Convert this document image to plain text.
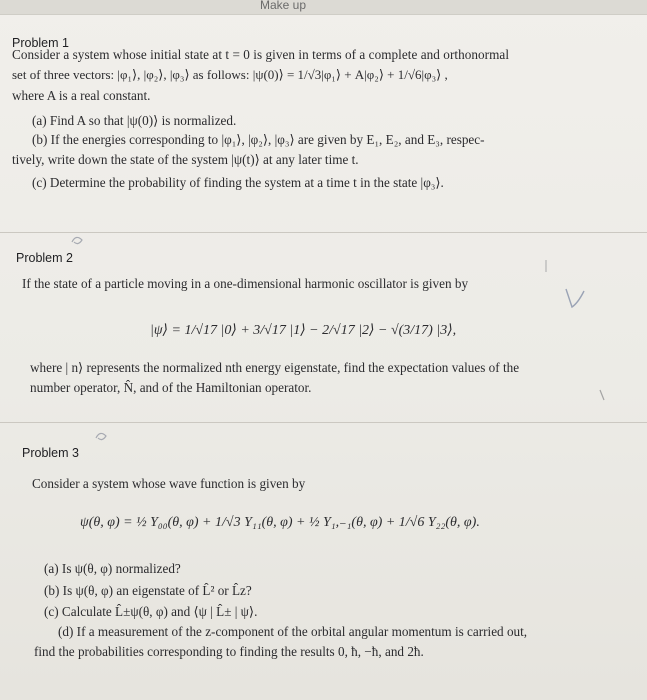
Make up
Problem 1
Consider a system whose initial state at t = 0 is given in terms of a complete and orthonormal
set of three vectors: |φ₁⟩, |φ₂⟩, |φ₃⟩ as follows: |ψ(0)⟩ = 1/√3|φ₁⟩ + A|φ₂⟩ + 1/√6|φ₃⟩ ,
where A is a real constant.
(a) Find A so that |ψ(0)⟩ is normalized.
(b) If the energies corresponding to |φ₁⟩, |φ₂⟩, |φ₃⟩ are given by E₁, E₂, and E₃, respec-
tively, write down the state of the system |ψ(t)⟩ at any later time t.
(c) Determine the probability of finding the system at a time t in the state |φ₃⟩.
Problem 2
If the state of a particle moving in a one-dimensional harmonic oscillator is given by
|ψ⟩ = 1/√17 |0⟩ + 3/√17 |1⟩ − 2/√17 |2⟩ − √(3/17) |3⟩,
where | n⟩ represents the normalized nth energy eigenstate, find the expectation values of the
number operator, N̂, and of the Hamiltonian operator.
Problem 3
Consider a system whose wave function is given by
ψ(θ, φ) = ½ Y₀₀(θ, φ) + 1/√3 Y₁₁(θ, φ) + ½ Y₁,₋₁(θ, φ) + 1/√6 Y₂₂(θ, φ).
(a) Is ψ(θ, φ) normalized?
(b) Is ψ(θ, φ) an eigenstate of L̂² or L̂z?
(c) Calculate L̂±ψ(θ, φ) and ⟨ψ | L̂± | ψ⟩.
(d) If a measurement of the z-component of the orbital angular momentum is carried out,
find the probabilities corresponding to finding the results 0, ħ, −ħ, and 2ħ.
